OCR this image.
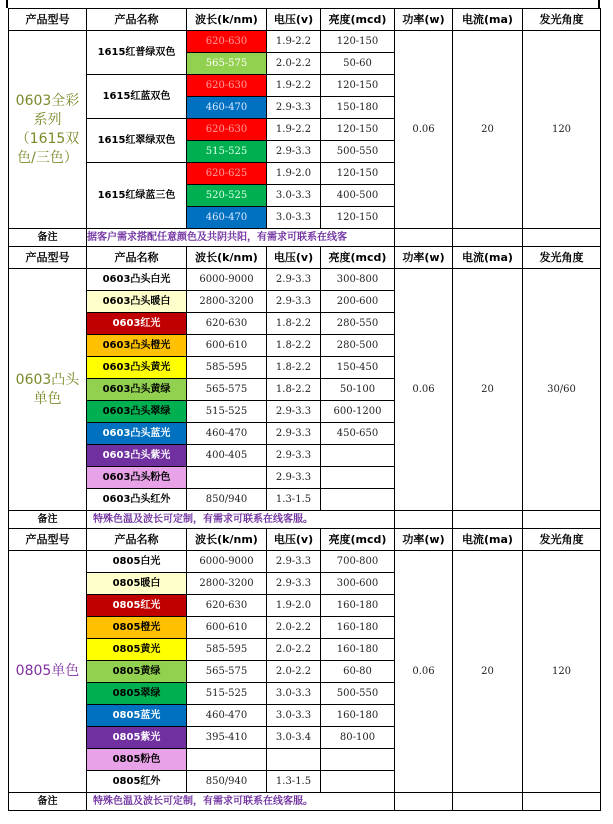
产品型号	产品名称	波长(k/nm)	电压(v)	亮度(mcd)	功率(w)	电流(ma)	发光角度
0603全彩系列（1615双色/三色）	1615红普绿双色	620-630	1.9-2.2	120-150	0.06	20	120
		565-575	2.0-2.2	50-60			
	1615红蓝双色	620-630	1.9-2.2	120-150			
		460-470	2.9-3.3	150-180			
	1615红翠绿双色	620-630	1.9-2.2	120-150			
		515-525	2.9-3.3	500-550			
	1615红绿蓝三色	620-625	1.9-2.0	120-150			
		520-525	3.0-3.3	400-500			
		460-470	3.0-3.3	120-150			
备注	据客户需求搭配任意颜色及共阴共阳，有需求可联系在线客						
产品型号	产品名称	波长(k/nm)	电压(v)	亮度(mcd)	功率(w)	电流(ma)	发光角度
0603凸头单色	0603凸头白光	6000-9000	2.9-3.3	300-800	0.06	20	30/60
	0603凸头暖白	2800-3200	2.9-3.3	200-600			
	0603红光	620-630	1.8-2.2	280-550			
	0603凸头橙光	600-610	1.8-2.2	280-500			
	0603凸头黄光	585-595	1.8-2.2	150-450			
	0603凸头黄绿	565-575	1.8-2.2	50-100			
	0603凸头翠绿	515-525	2.9-3.3	600-1200			
	0603凸头蓝光	460-470	2.9-3.3	450-650			
	0603凸头紫光	400-405	2.9-3.3				
	0603凸头粉色		2.9-3.3				
	0603凸头红外	850/940	1.3-1.5				
备注	特殊色温及波长可定制，有需求可联系在线客服。						
产品型号	产品名称	波长(k/nm)	电压(v)	亮度(mcd)	功率(w)	电流(ma)	发光角度
0805单色	0805白光	6000-9000	2.9-3.3	700-800	0.06	20	120
	0805暖白	2800-3200	2.9-3.3	300-600			
	0805红光	620-630	1.9-2.0	160-180			
	0805橙光	600-610	2.0-2.2	160-180			
	0805黄光	585-595	2.0-2.2	160-180			
	0805黄绿	565-575	2.0-2.2	60-80			
	0805翠绿	515-525	3.0-3.3	500-550			
	0805蓝光	460-470	3.0-3.3	160-180			
	0805紫光	395-410	3.0-3.4	80-100			
	0805粉色						
	0805红外	850/940	1.3-1.5				
备注	特殊色温及波长可定制，有需求可联系在线客服。						
